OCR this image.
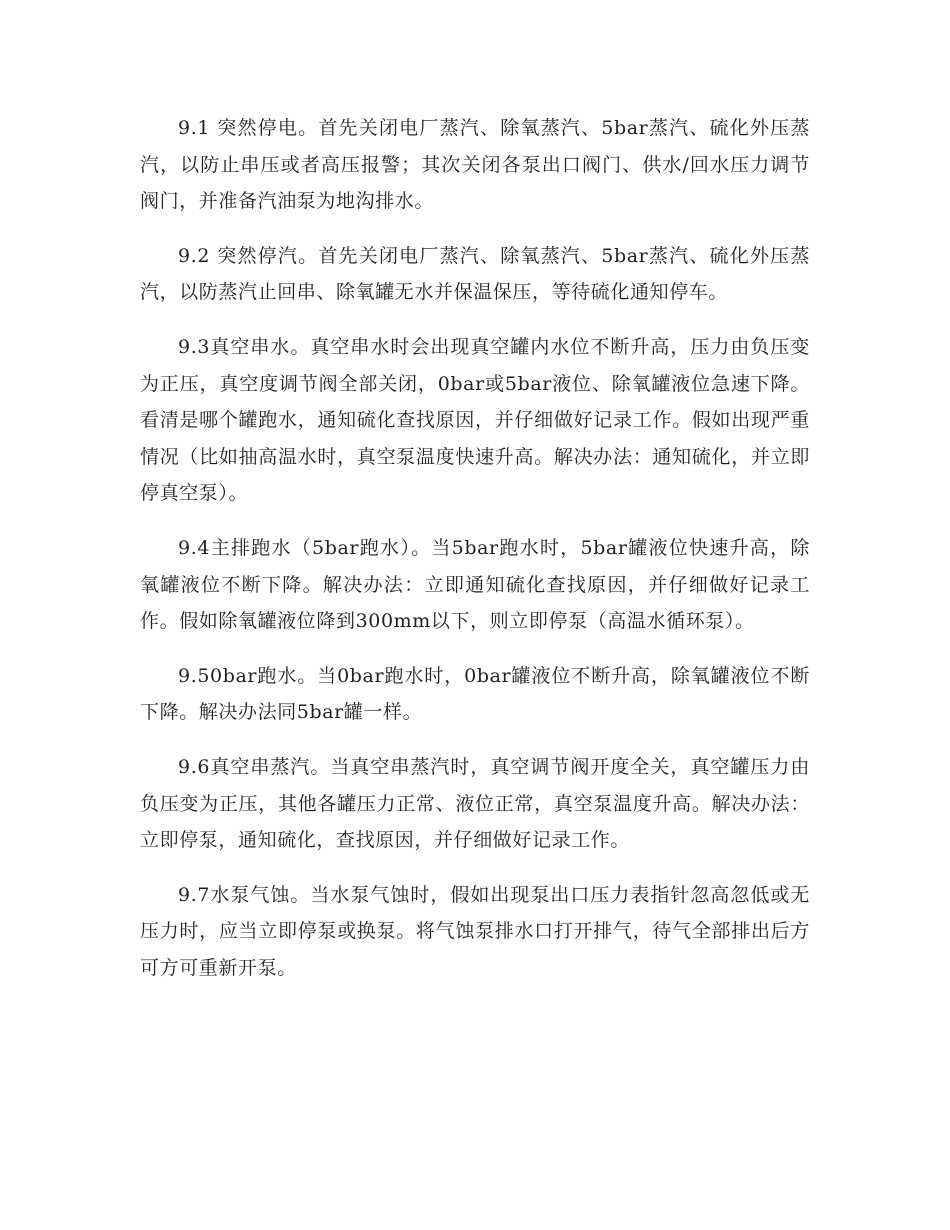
9.1 突然停电。首先关闭电厂蒸汽、除氧蒸汽、5bar蒸汽、硫化外压蒸汽，以防止串压或者高压报警；其次关闭各泵出口阀门、供水/回水压力调节阀门，并准备汽油泵为地沟排水。

9.2 突然停汽。首先关闭电厂蒸汽、除氧蒸汽、5bar蒸汽、硫化外压蒸汽，以防蒸汽止回串、除氧罐无水并保温保压，等待硫化通知停车。

9.3真空串水。真空串水时会出现真空罐内水位不断升高，压力由负压变为正压，真空度调节阀全部关闭，0bar或5bar液位、除氧罐液位急速下降。看清是哪个罐跑水，通知硫化查找原因，并仔细做好记录工作。假如出现严重情况（比如抽高温水时，真空泵温度快速升高。解决办法：通知硫化，并立即停真空泵）。

9.4主排跑水（5bar跑水）。当5bar跑水时，5bar罐液位快速升高，除氧罐液位不断下降。解决办法：立即通知硫化查找原因，并仔细做好记录工作。假如除氧罐液位降到300mm以下，则立即停泵（高温水循环泵）。

9.50bar跑水。当0bar跑水时，0bar罐液位不断升高，除氧罐液位不断下降。解决办法同5bar罐一样。

9.6真空串蒸汽。当真空串蒸汽时，真空调节阀开度全关，真空罐压力由负压变为正压，其他各罐压力正常、液位正常，真空泵温度升高。解决办法：立即停泵，通知硫化，查找原因，并仔细做好记录工作。

9.7水泵气蚀。当水泵气蚀时，假如出现泵出口压力表指针忽高忽低或无压力时，应当立即停泵或换泵。将气蚀泵排水口打开排气，待气全部排出后方可方可重新开泵。
